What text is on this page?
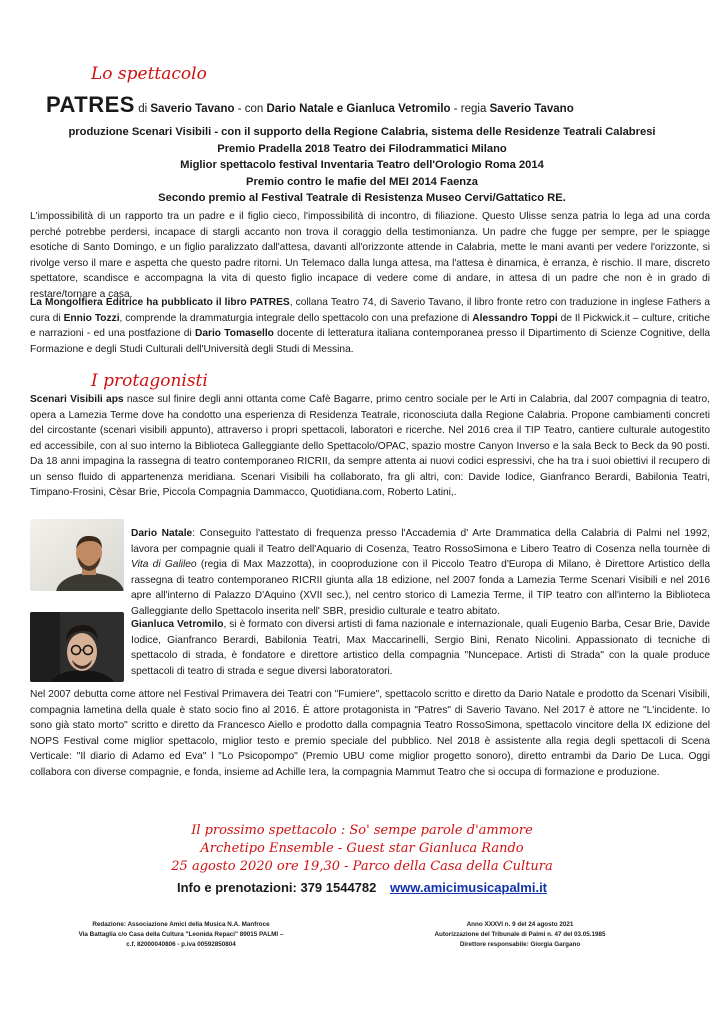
Lo spettacolo
PATRES di Saverio Tavano - con Dario Natale e Gianluca Vetromilo - regia Saverio Tavano
produzione Scenari Visibili - con il supporto della Regione Calabria, sistema delle Residenze Teatrali Calabresi
Premio Pradella 2018 Teatro dei Filodrammatici Milano
Miglior spettacolo festival Inventaria Teatro dell'Orologio Roma 2014
Premio contro le mafie del MEI 2014 Faenza
Secondo premio al Festival Teatrale di Resistenza Museo Cervi/Gattatico RE.

L'impossibilità di un rapporto tra un padre e il figlio cieco, l'impossibilità di incontro, di filiazione. Questo Ulisse senza patria lo lega ad una corda perché potrebbe perdersi, incapace di stargli accanto non trova il coraggio della testimonianza. Un padre che fugge per sempre, per le spiagge esotiche di Santo Domingo, e un figlio paralizzato dall'attesa, davanti all'orizzonte attende in Calabria, mette le mani avanti per vedere l'orizzonte, si rivolge verso il mare e aspetta che questo padre ritorni. Un Telemaco dalla lunga attesa, ma l'attesa è dinamica, è erranza, è rischio. Il mare, discreto spettatore, scandisce e accompagna la vita di questo figlio incapace di vedere come di andare, in attesa di un padre che non è in grado di restare/tornare a casa.

La Mongolfiera Editrice ha pubblicato il libro PATRES, collana Teatro 74, di Saverio Tavano, il libro fronte retro con traduzione in inglese Fathers a cura di Ennio Tozzi, comprende la drammaturgia integrale dello spettacolo con una prefazione di Alessandro Toppi de Il Pickwick.it – culture, critiche e narrazioni - ed una postfazione di Dario Tomasello docente di letteratura italiana contemporanea presso il Dipartimento di Scienze Cognitive, della Formazione e degli Studi Culturali dell'Università degli Studi di Messina.

I protagonisti

Scenari Visibili aps nasce sul finire degli anni ottanta come Cafè Bagarre, primo centro sociale per le Arti in Calabria, dal 2007 compagnia di teatro, opera a Lamezia Terme dove ha condotto una esperienza di Residenza Teatrale, riconosciuta dalla Regione Calabria. Propone cambiamenti concreti del circostante (scenari visibili appunto), attraverso i propri spettacoli, laboratori e ricerche. Nel 2016 crea il TIP Teatro, cantiere culturale autogestito ed accessibile, con al suo interno la Biblioteca Galleggiante dello Spettacolo/OPAC, spazio mostre Canyon Inverso e la sala Beck to Beck da 90 posti. Da 18 anni impagina la rassegna di teatro contemporaneo RICRII, da sempre attenta ai nuovi codici espressivi, che ha tra i suoi obiettivi il recupero di un senso fluido di appartenenza meridiana. Scenari Visibili ha collaborato, fra gli altri, con: Davide Iodice, Gianfranco Berardi, Babilonia Teatri, Timpano-Frosini, Cèsar Brie, Piccola Compagnia Dammacco, Quotidiana.com, Roberto Latini,.

Dario Natale: Conseguito l'attestato di frequenza presso l'Accademia d' Arte Drammatica della Calabria di Palmi nel 1992, lavora per compagnie quali il Teatro dell'Aquario di Cosenza, Teatro RossoSimona e Libero Teatro di Cosenza nella tournèe di Vita di Galileo (regia di Max Mazzotta), in cooproduzione con il Piccolo Teatro d'Europa di Milano, è Direttore Artistico della rassegna di teatro contemporaneo RICRII giunta alla 18 edizione, nel 2007 fonda a Lamezia Terme Scenari Visibili e nel 2016 apre all'interno di Palazzo D'Aquino (XVII sec.), nel centro storico di Lamezia Terme, il TIP teatro con all'interno la Biblioteca Galleggiante dello Spettacolo inserita nell' SBR, presidio culturale e teatro abitato.

Gianluca Vetromilo, si è formato con diversi artisti di fama nazionale e internazionale, quali Eugenio Barba, Cesar Brie, Davide Iodice, Gianfranco Berardi, Babilonia Teatri, Max Maccarinelli, Sergio Bini, Renato Nicolini. Appassionato di tecniche di spettacolo di strada, è fondatore e direttore artistico della compagnia "Nuncepace. Artisti di Strada" con la quale produce spettacoli di teatro di strada e segue diversi laboratoratori.

Nel 2007 debutta come attore nel Festival Primavera dei Teatri con "Fumiere", spettacolo scritto e diretto da Dario Natale e prodotto da Scenari Visibili, compagnia lametina della quale è stato socio fino al 2016. È attore protagonista in "Patres" di Saverio Tavano. Nel 2017 è attore ne "L'incidente. Io sono già stato morto" scritto e diretto da Francesco Aiello e prodotto dalla compagnia Teatro RossoSimona, spettacolo vincitore della IX edizione del NOPS Festival come miglior spettacolo, miglior testo e premio speciale del pubblico. Nel 2018 è assistente alla regia degli spettacoli di Scena Verticale: "Il diario di Adamo ed Eva" l "Lo Psicopompo" (Premio UBU come miglior progetto sonoro), diretto entrambi da Dario De Luca. Oggi collabora con diverse compagnie, e fonda, insieme ad Achille Iera, la compagnia Mammut Teatro che si occupa di formazione e produzione.

Il prossimo spettacolo : So' sempe parole d'ammore
Archetipo Ensemble - Guest star Gianluca Rando
25 agosto 2020 ore 19,30 - Parco della Casa della Cultura
Info e prenotazioni: 379 1544782 www.amicimusicapalmi.it
Redazione: Associazione Amici della Musica N.A. Manfroce
Via Battaglia c/o Casa della Cultura "Leonida Repaci" 89015 PALMI –
c.f. 82000040806 - p.iva 00592850804
Anno XXXVI n. 9 del 24 agosto 2021
Autorizzazione del Tribunale di Palmi n. 47 del 03.05.1985
Direttore responsabile: Giorgia Gargano
